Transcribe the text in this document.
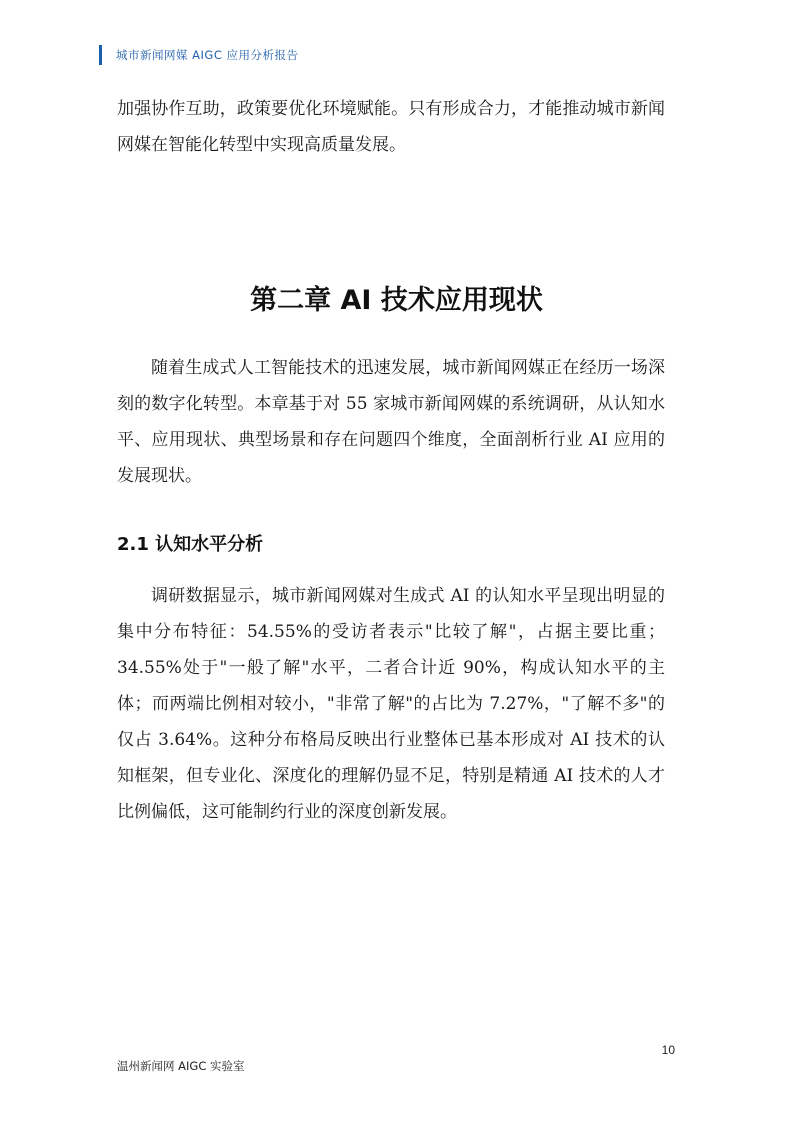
城市新闻网媒 AIGC 应用分析报告

加强协作互助，政策要优化环境赋能。只有形成合力，才能推动城市新闻网媒在智能化转型中实现高质量发展。

第二章 AI 技术应用现状

随着生成式人工智能技术的迅速发展，城市新闻网媒正在经历一场深刻的数字化转型。本章基于对 55 家城市新闻网媒的系统调研，从认知水平、应用现状、典型场景和存在问题四个维度，全面剖析行业 AI 应用的发展现状。

2.1 认知水平分析

调研数据显示，城市新闻网媒对生成式 AI 的认知水平呈现出明显的集中分布特征：54.55%的受访者表示"比较了解"，占据主要比重；34.55%处于"一般了解"水平，二者合计近 90%，构成认知水平的主体；而两端比例相对较小，"非常了解"的占比为 7.27%，"了解不多"的仅占 3.64%。这种分布格局反映出行业整体已基本形成对 AI 技术的认知框架，但专业化、深度化的理解仍显不足，特别是精通 AI 技术的人才比例偏低，这可能制约行业的深度创新发展。

10
温州新闻网 AIGC 实验室
